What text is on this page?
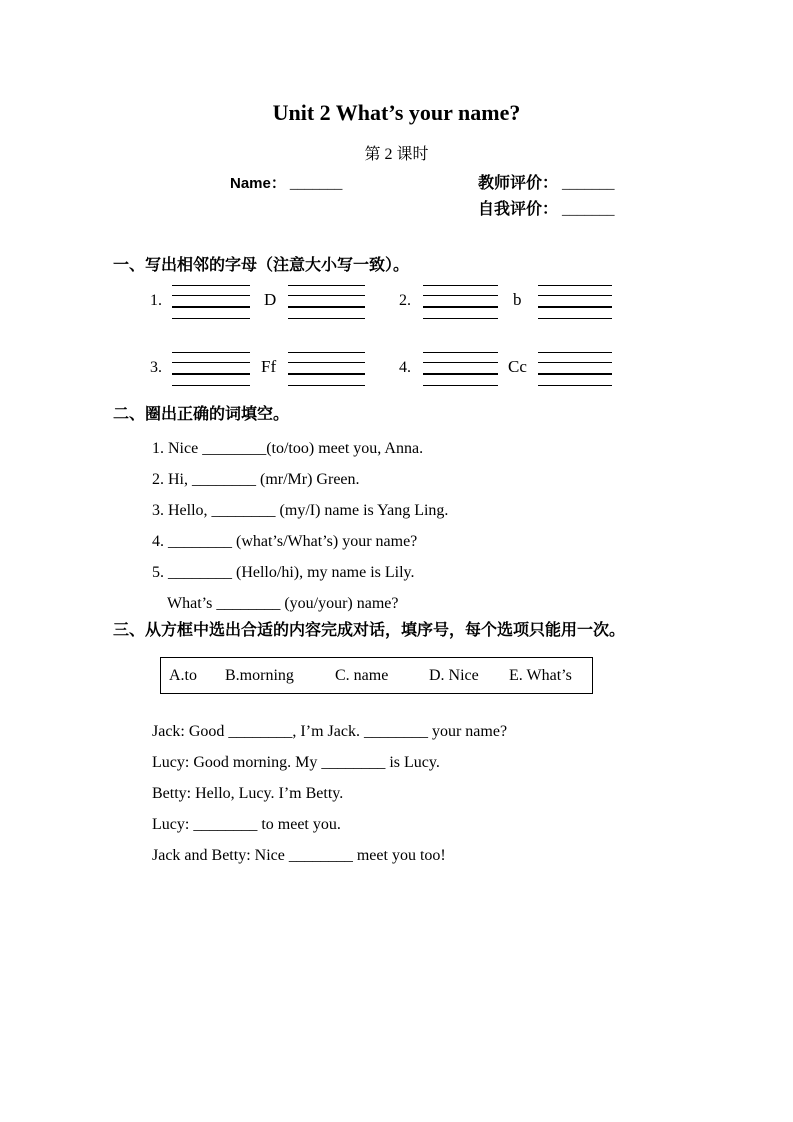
Unit 2 What’s your name?
第 2 课时
Name： _______	教师评价： _______
自我评价： _______
一、写出相邻的字母（注意大小写一致）。
1.	D	2.	b
3.	Ff	4.	Cc
二、圈出正确的词填空。
1. Nice ________(to/too) meet you, Anna.
2. Hi, ________ (mr/Mr) Green.
3. Hello, ________ (my/I) name is Yang Ling.
4. ________ (what’s/What’s) your name?
5. ________ (Hello/hi), my name is Lily.
What’s ________ (you/your) name?
三、从方框中选出合适的内容完成对话，填序号，每个选项只能用一次。
A.to B.morning	C. name	D. Nice E. What’s
Jack: Good ________, I’m Jack. ________ your name?
Lucy: Good morning. My ________ is Lucy.
Betty: Hello, Lucy. I’m Betty.
Lucy: ________ to meet you.
Jack and Betty: Nice ________ meet you too!
